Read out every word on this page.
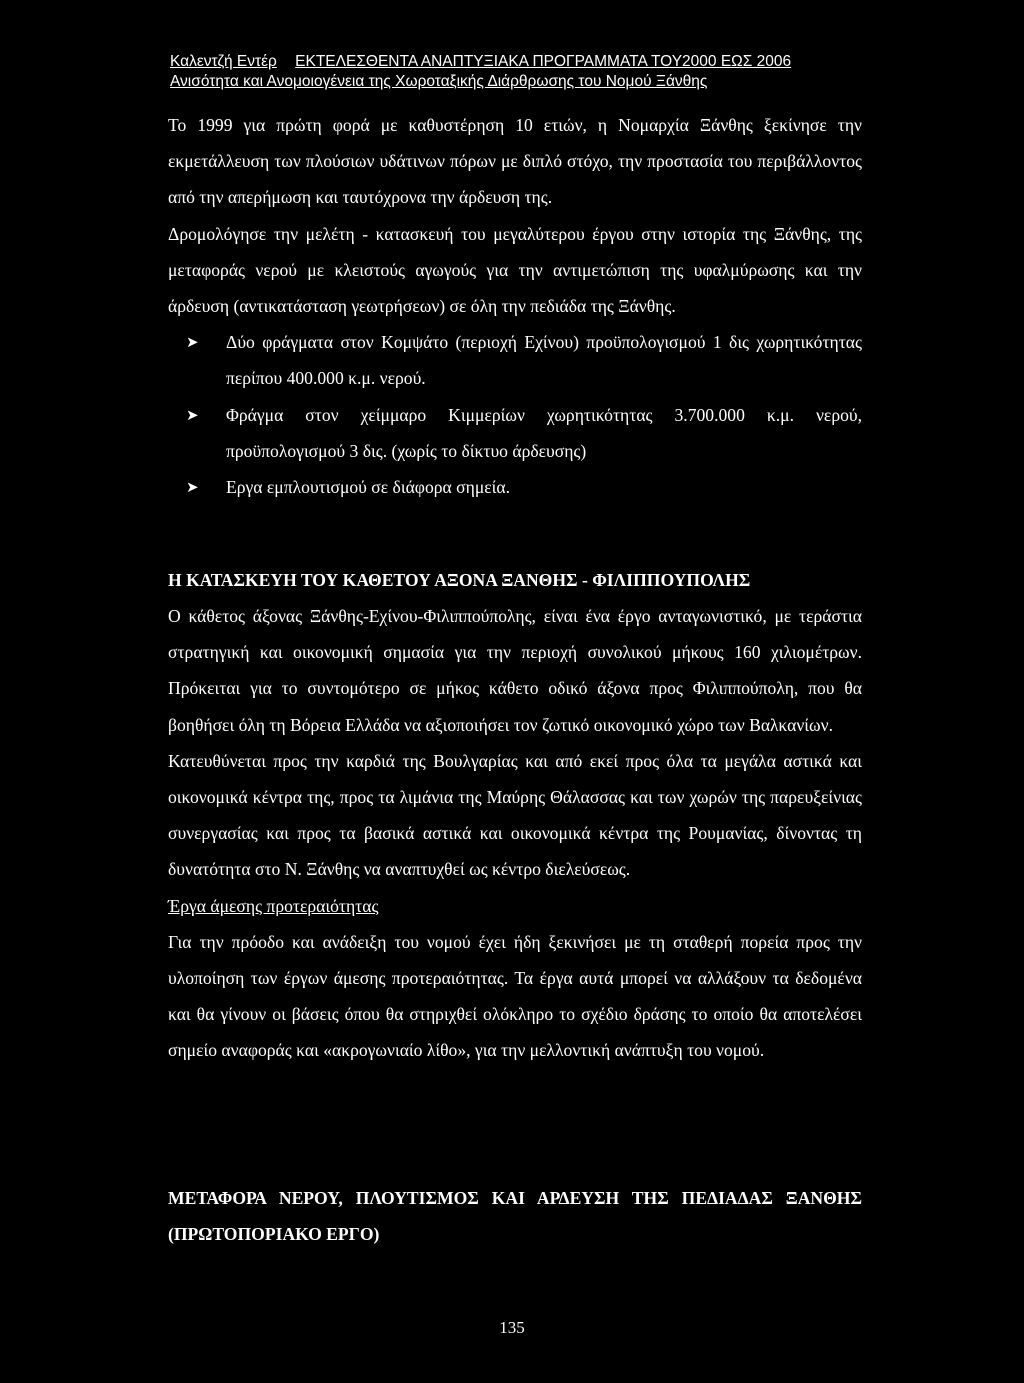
Καλεντζή Εντέρ ΕΚΤΕΛΕΣΘΕΝΤΑ ΑΝΑΠΤΥΞΙΑΚΑ ΠΡΟΓΡΑΜΜΑΤΑ ΤΟΥ2000 ΕΩΣ 2006
Ανισότητα και Ανομοιογένεια της Χωροταξικής Διάρθρωσης του Νομού Ξάνθης

Το 1999 για πρώτη φορά με καθυστέρηση 10 ετιών, η Νομαρχία Ξάνθης ξεκίνησε την εκμετάλλευση των πλούσιων υδάτινων πόρων με διπλό στόχο, την προστασία του περιβάλλοντος από την απερήμωση και ταυτόχρονα την άρδευση της.

Δρομολόγησε την μελέτη - κατασκευή του μεγαλύτερου έργου στην ιστορία της Ξάνθης, της μεταφοράς νερού με κλειστούς αγωγούς για την αντιμετώπιση της υφαλμύρωσης και την άρδευση (αντικατάσταση γεωτρήσεων) σε όλη την πεδιάδα της Ξάνθης.

➤ Δύο φράγματα στον Κομψάτο (περιοχή Εχίνου) προϋπολογισμού 1 δις χωρητικότητας περίπου 400.000 κ.μ. νερού.
➤ Φράγμα στον χείμμαρο Κιμμερίων χωρητικότητας 3.700.000 κ.μ. νερού, προϋπολογισμού 3 δις. (χωρίς το δίκτυο άρδευσης)
➤ Εργα εμπλουτισμού σε διάφορα σημεία.

Η ΚΑΤΑΣΚΕΥΗ ΤΟΥ ΚΑΘΕΤΟΥ ΑΞΟΝΑ ΞΑΝΘΗΣ - ΦΙΛΙΠΠΟΥΠΟΛΗΣ

Ο κάθετος άξονας Ξάνθης-Εχίνου-Φιλιππούπολης, είναι ένα έργο ανταγωνιστικό, με τεράστια στρατηγική και οικονομική σημασία για την περιοχή συνολικού μήκους 160 χιλιομέτρων. Πρόκειται για το συντομότερο σε μήκος κάθετο οδικό άξονα προς Φιλιππούπολη, που θα βοηθήσει όλη τη Βόρεια Ελλάδα να αξιοποιήσει τον ζωτικό οικονομικό χώρο των Βαλκανίων.

Κατευθύνεται προς την καρδιά της Βουλγαρίας και από εκεί προς όλα τα μεγάλα αστικά και οικονομικά κέντρα της, προς τα λιμάνια της Μαύρης Θάλασσας και των χωρών της παρευξείνιας συνεργασίας και προς τα βασικά αστικά και οικονομικά κέντρα της Ρουμανίας, δίνοντας τη δυνατότητα στο Ν. Ξάνθης να αναπτυχθεί ως κέντρο διελεύσεως.

Έργα άμεσης προτεραιότητας

Για την πρόοδο και ανάδειξη του νομού έχει ήδη ξεκινήσει με τη σταθερή πορεία προς την υλοποίηση των έργων άμεσης προτεραιότητας. Τα έργα αυτά μπορεί να αλλάξουν τα δεδομένα και θα γίνουν οι βάσεις όπου θα στηριχθεί ολόκληρο το σχέδιο δράσης το οποίο θα αποτελέσει σημείο αναφοράς και «ακρογωνιαίο λίθο», για την μελλοντική ανάπτυξη του νομού.

ΜΕΤΑΦΟΡΑ ΝΕΡΟΥ, ΠΛΟΥΤΙΣΜΟΣ ΚΑΙ ΑΡΔΕΥΣΗ ΤΗΣ ΠΕΔΙΑΔΑΣ ΞΑΝΘΗΣ (ΠΡΩΤΟΠΟΡΙΑΚΟ ΕΡΓΟ)

135
